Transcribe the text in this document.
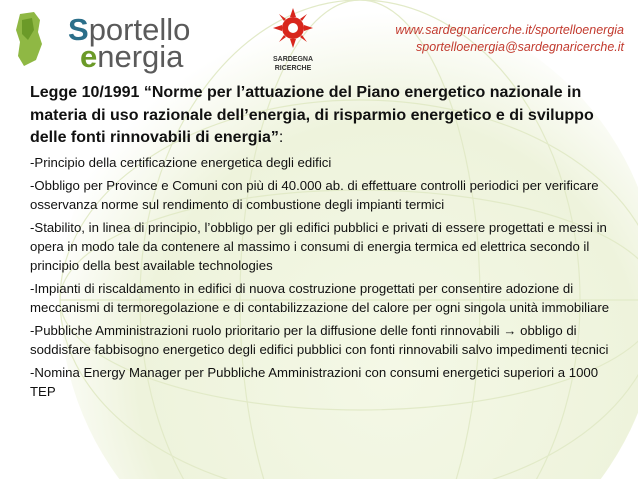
Sportello
energia	SARDEGNA
RICERCHE
www.sardegnaricerche.it/sportelloenergia
sportelloenergia@sardegnaricerche.it
Legge 10/1991 “Norme per l’attuazione del Piano energetico nazionale in materia di uso razionale dell’energia, di risparmio energetico e di sviluppo delle fonti rinnovabili di energia”:
-Principio della certificazione energetica degli edifici
-Obbligo per Province e Comuni con più di 40.000 ab. di effettuare controlli periodici per verificare osservanza norme sul rendimento di combustione degli impianti termici
-Stabilito, in linea di principio, l’obbligo per gli edifici pubblici e privati di essere progettati e messi in opera in modo tale da contenere al massimo i consumi di energia termica ed elettrica secondo il principio della best available technologies
-Impianti di riscaldamento in edifici di nuova costruzione progettati per consentire adozione di meccanismi di termoregolazione e di contabilizzazione del calore per ogni singola unità immobiliare
-Pubbliche Amministrazioni ruolo prioritario per la diffusione delle fonti rinnovabili → obbligo di soddisfare fabbisogno energetico degli edifici pubblici con fonti rinnovabili salvo impedimenti tecnici
-Nomina Energy Manager per Pubbliche Amministrazioni con consumi energetici superiori a 1000 TEP
